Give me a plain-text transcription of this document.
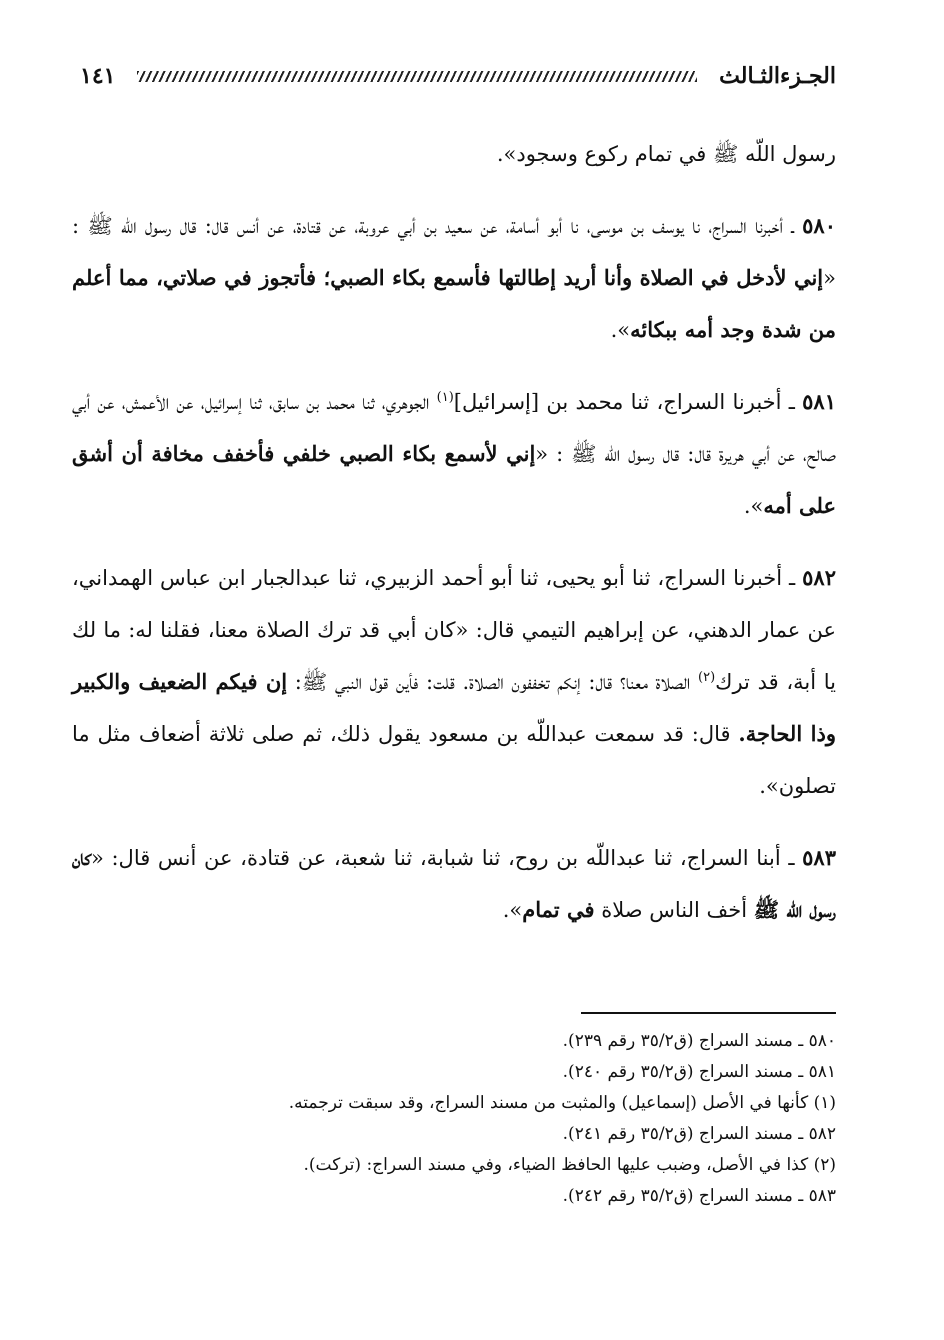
الجـزءالثـالث
١٤١

رسول اللّه ﷺ في تمام ركوع وسجود».

٥٨٠ ـ أخبرنا السراج، نا يوسف بن موسى، نا أبو أسامة، عن سعيد بن أبي عروبة، عن قتادة، عن أنس قال: قال رسول اللّه ﷺ : «إني لأدخل في الصلاة وأنا أريد إطالتها فأسمع بكاء الصبي؛ فأتجوز في صلاتي، مما أعلم من شدة وجد أمه ببكائه».

٥٨١ ـ أخبرنا السراج، ثنا محمد بن [إسرائيل]$^{(١)}$ الجوهري، ثنا محمد بن سابق، ثنا إسرائيل، عن الأعمش، عن أبي صالح، عن أبي هريرة قال: قال رسول اللّه ﷺ : «إني لأسمع بكاء الصبي خلفي فأخفف مخافة أن أشق على أمه».

٥٨٢ ـ أخبرنا السراج، ثنا أبو يحيى، ثنا أبو أحمد الزبيري، ثنا عبدالجبار ابن عباس الهمداني، عن عمار الدهني، عن إبراهيم التيمي قال: «كان أبي قد ترك الصلاة معنا، فقلنا له: ما لك يا أبة، قد ترك$^{(٢)}$ الصلاة معنا؟ قال: إنكم تخففون الصلاة. قلت: فأين قول النبي ﷺ: إن فيكم الضعيف والكبير وذا الحاجة. قال: قد سمعت عبداللّه بن مسعود يقول ذلك، ثم صلى ثلاثة أضعاف مثل ما تصلون».

٥٨٣ ـ أبنا السراج، ثنا عبداللّه بن روح، ثنا شبابة، ثنا شعبة، عن قتادة، عن أنس قال: «كان رسول اللّه ﷺ أخف الناس صلاة في تمام».

٥٨٠ ـ مسند السراج (ق٣٥/٢ رقم ٢٣٩).
٥٨١ ـ مسند السراج (ق٣٥/٢ رقم ٢٤٠).
(١) كأنها في الأصل (إسماعيل) والمثبت من مسند السراج، وقد سبقت ترجمته.
٥٨٢ ـ مسند السراج (ق٣٥/٢ رقم ٢٤١).
(٢) كذا في الأصل، وضبب عليها الحافظ الضياء، وفي مسند السراج: (تركت).
٥٨٣ ـ مسند السراج (ق٣٥/٢ رقم ٢٤٢).
